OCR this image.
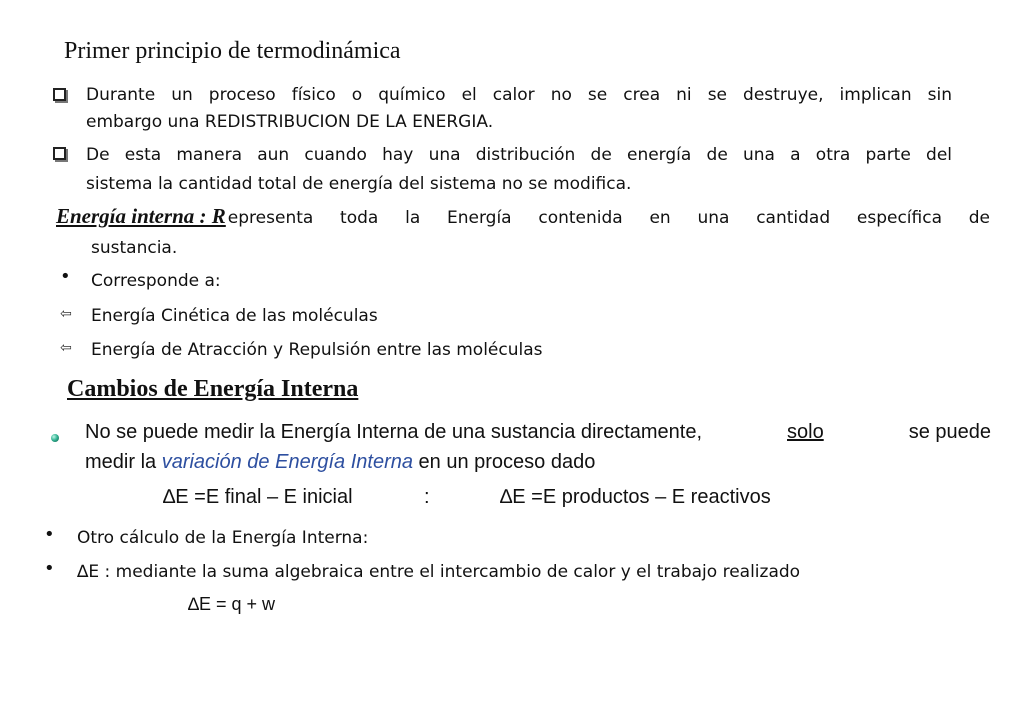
Primer principio de termodinámica
Durante un proceso físico o químico el calor no se crea ni se destruye, implican sin
embargo una REDISTRIBUCION DE LA ENERGIA.
De esta manera aun cuando hay una distribución de energía de una a otra parte del
sistema la cantidad total de energía del sistema no se modifica.
Energía interna : R epresenta toda la Energía contenida en una cantidad específica de
sustancia.
• Corresponde a:
⇦ Energía Cinética de las moléculas
⇦ Energía de Atracción y Repulsión entre las moléculas
Cambios de Energía Interna
No se puede medir la Energía Interna de una sustancia directamente,	solo	se puede
medir la variación de Energía Interna en un proceso dado
∆E =E final – E inicial	:	∆E =E productos – E reactivos
• Otro cálculo de la Energía Interna:
• ∆E : mediante la suma algebraica entre el intercambio de calor y el trabajo realizado
∆E = q + w
